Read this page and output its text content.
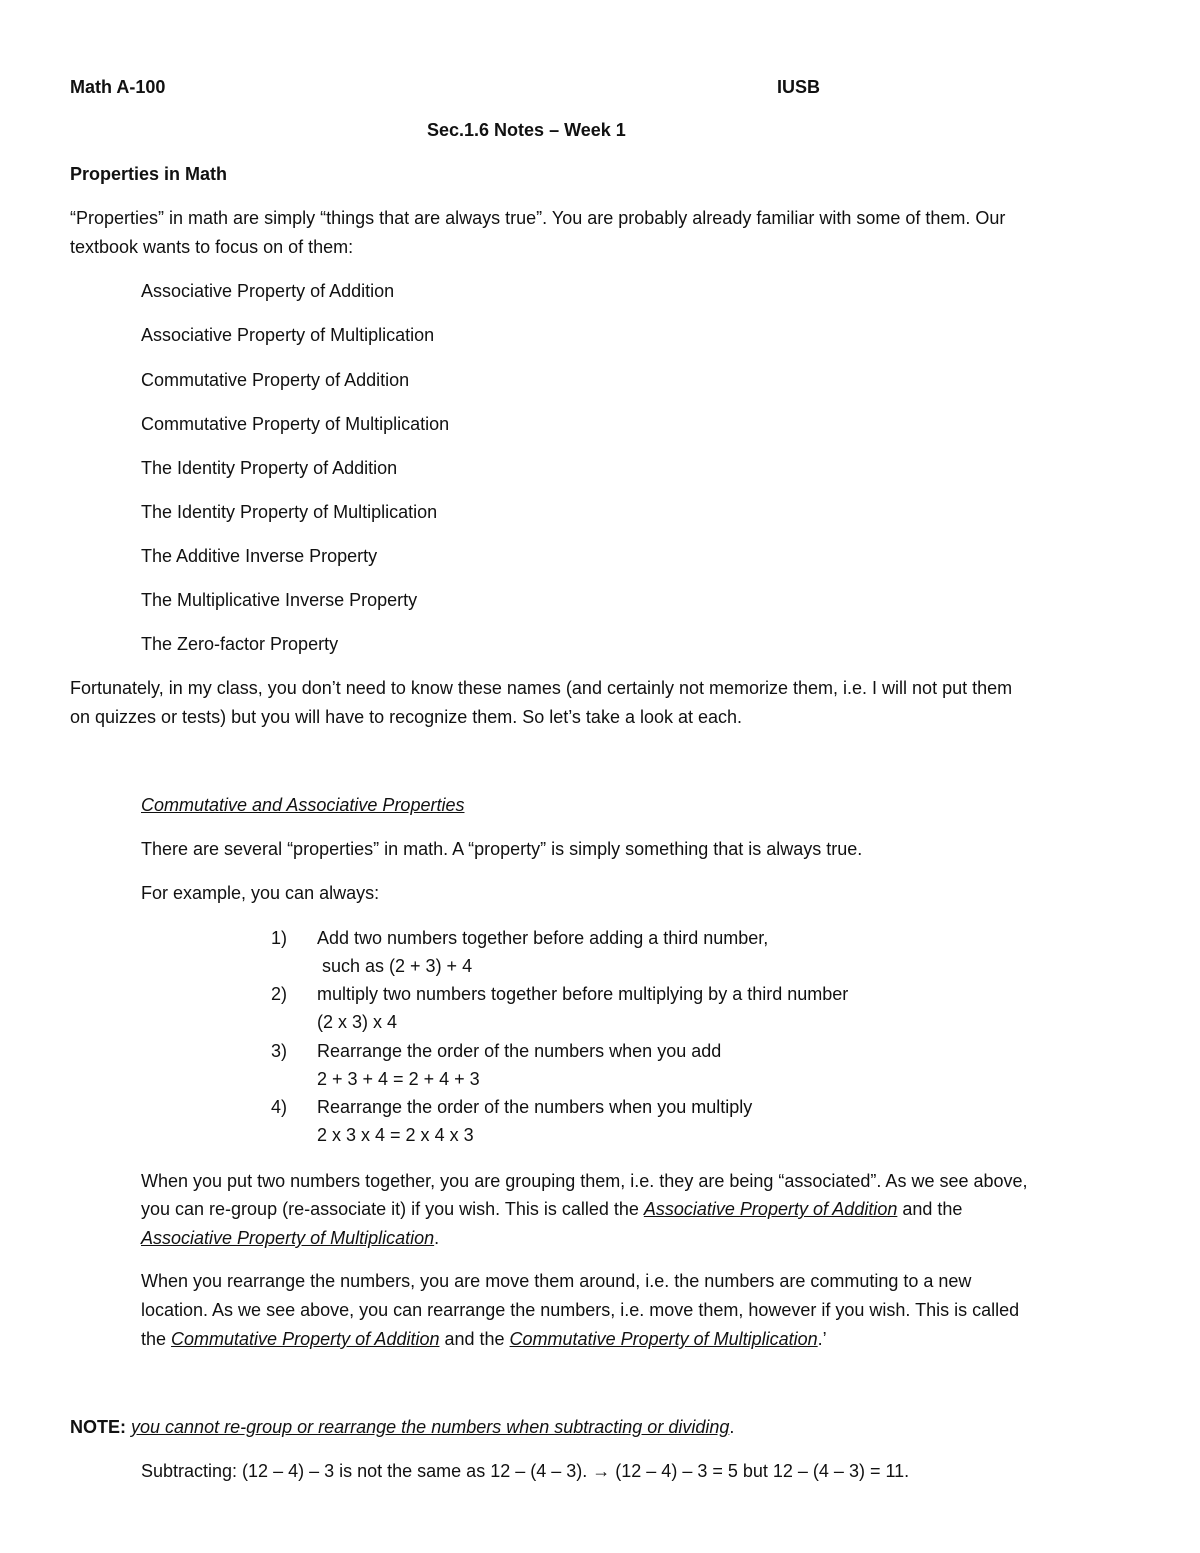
Math A-100	IUSB
Sec.1.6 Notes – Week 1
Properties in Math
“Properties” in math are simply “things that are always true”. You are probably already familiar with some of them. Our
textbook wants to focus on of them:
Associative Property of Addition
Associative Property of Multiplication
Commutative Property of Addition
Commutative Property of Multiplication
The Identity Property of Addition
The Identity Property of Multiplication
The Additive Inverse Property
The Multiplicative Inverse Property
The Zero-factor Property
Fortunately, in my class, you don’t need to know these names (and certainly not memorize them, i.e. I will not put them
on quizzes or tests) but you will have to recognize them. So let’s take a look at each.
Commutative and Associative Properties
There are several “properties” in math. A “property” is simply something that is always true.
For example, you can always:
1) Add two numbers together before adding a third number,
such as (2 + 3) + 4
2) multiply two numbers together before multiplying by a third number
(2 x 3) x 4
3) Rearrange the order of the numbers when you add
2 + 3 + 4 = 2 + 4 + 3
4) Rearrange the order of the numbers when you multiply
2 x 3 x 4 = 2 x 4 x 3
When you put two numbers together, you are grouping them, i.e. they are being “associated”. As we see above,
you can re-group (re-associate it) if you wish. This is called the Associative Property of Addition and the
Associative Property of Multiplication.
When you rearrange the numbers, you are move them around, i.e. the numbers are commuting to a new
location. As we see above, you can rearrange the numbers, i.e. move them, however if you wish. This is called
the Commutative Property of Addition and the Commutative Property of Multiplication.’
NOTE: you cannot re-group or rearrange the numbers when subtracting or dividing.
Subtracting: (12 – 4) – 3 is not the same as 12 – (4 – 3). → (12 – 4) – 3 = 5 but 12 – (4 – 3) = 11.
